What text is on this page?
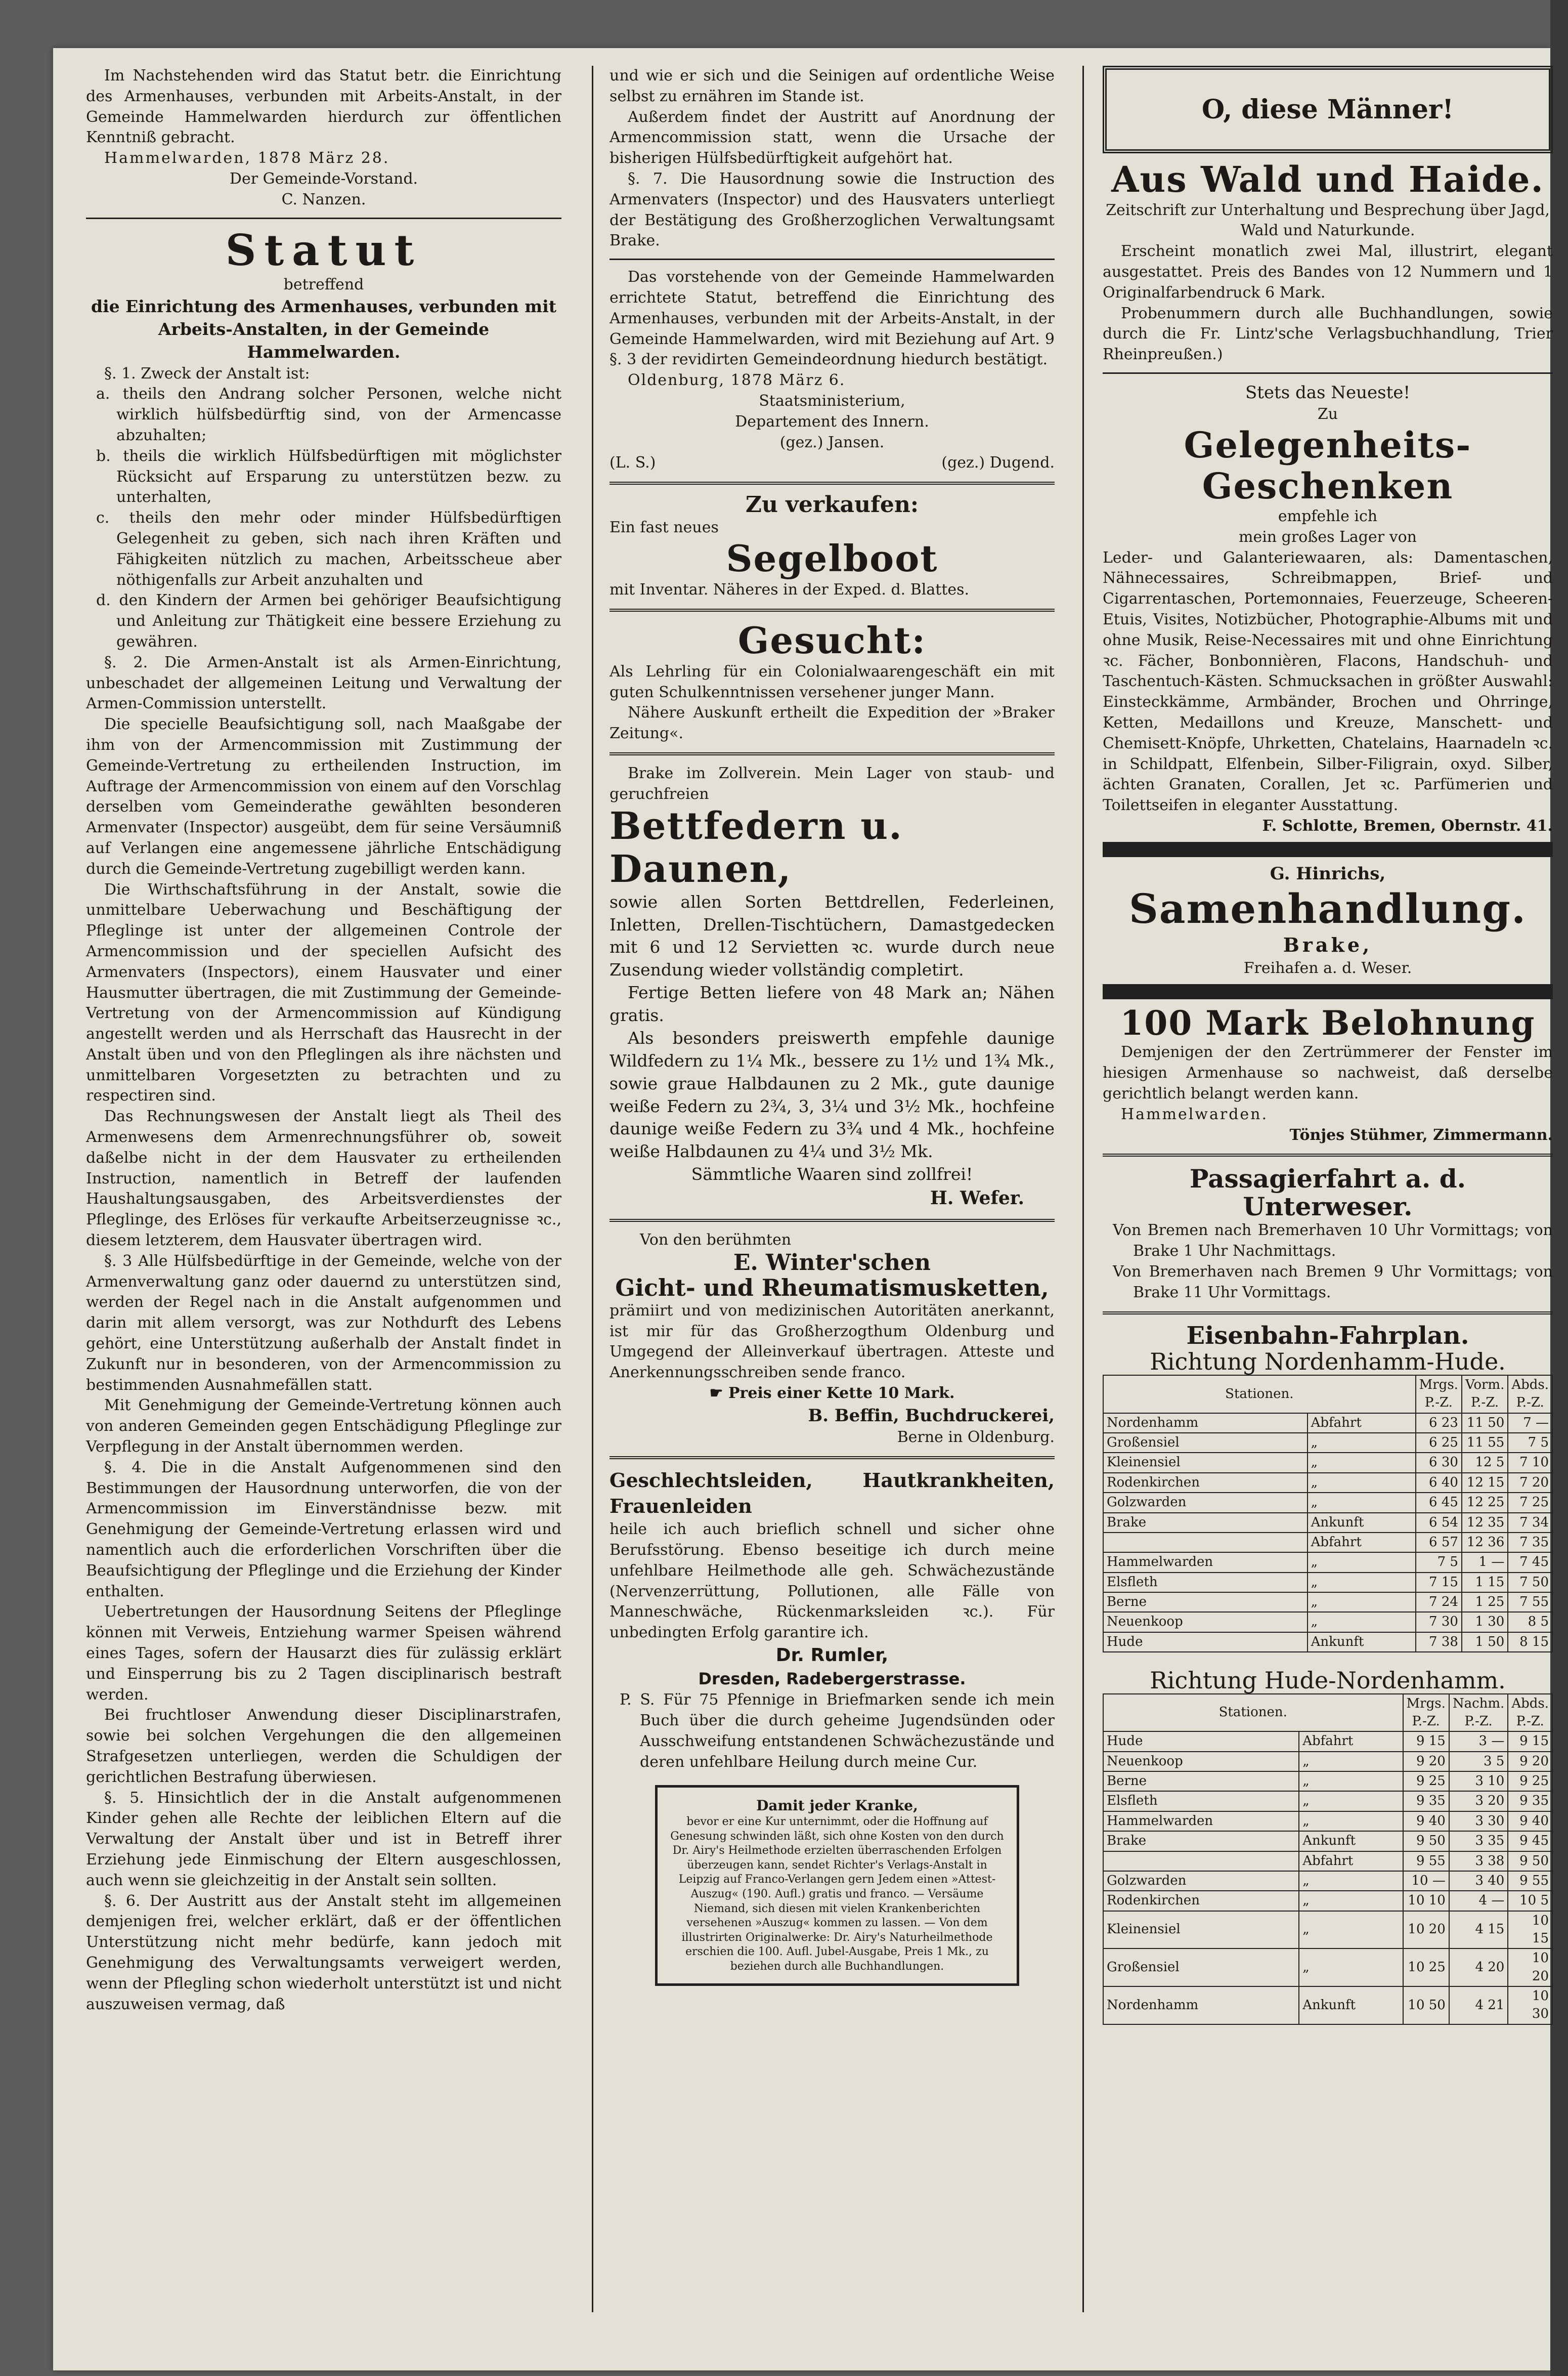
Im Nachstehenden wird das Statut betr. die Einrichtung des Armenhauses, verbunden mit Arbeits-Anstalt, in der Gemeinde Hammelwarden hierdurch zur öffentlichen Kenntniß gebracht.

Hammelwarden, 1878 März 28.

Der Gemeinde-Vorstand.

C. Nanzen.

Statut

betreffend

die Einrichtung des Armenhauses, verbunden mit Arbeits-Anstalten, in der Gemeinde Hammelwarden.

§. 1. Zweck der Anstalt ist:

a. theils den Andrang solcher Personen, welche nicht wirklich hülfsbedürftig sind, von der Armencasse abzuhalten;

b. theils die wirklich Hülfsbedürftigen mit möglichster Rücksicht auf Ersparung zu unterstützen bezw. zu unterhalten,

c. theils den mehr oder minder Hülfsbedürftigen Gelegenheit zu geben, sich nach ihren Kräften und Fähigkeiten nützlich zu machen, Arbeitsscheue aber nöthigenfalls zur Arbeit anzuhalten und

d. den Kindern der Armen bei gehöriger Beaufsichtigung und Anleitung zur Thätigkeit eine bessere Erziehung zu gewähren.

§. 2. Die Armen-Anstalt ist als Armen-Einrichtung, unbeschadet der allgemeinen Leitung und Verwaltung der Armen-Commission unterstellt.

Die specielle Beaufsichtigung soll, nach Maaßgabe der ihm von der Armencommission mit Zustimmung der Gemeinde-Vertretung zu ertheilenden Instruction, im Auftrage der Armencommission von einem auf den Vorschlag derselben vom Gemeinderathe gewählten besonderen Armenvater (Inspector) ausgeübt, dem für seine Versäumniß auf Verlangen eine angemessene jährliche Entschädigung durch die Gemeinde-Vertretung zugebilligt werden kann.

Die Wirthschaftsführung in der Anstalt, sowie die unmittelbare Ueberwachung und Beschäftigung der Pfleglinge ist unter der allgemeinen Controle der Armencommission und der speciellen Aufsicht des Armenvaters (Inspectors), einem Hausvater und einer Hausmutter übertragen, die mit Zustimmung der Gemeinde-Vertretung von der Armencommission auf Kündigung angestellt werden und als Herrschaft das Hausrecht in der Anstalt üben und von den Pfleglingen als ihre nächsten und unmittelbaren Vorgesetzten zu betrachten und zu respectiren sind.

Das Rechnungswesen der Anstalt liegt als Theil des Armenwesens dem Armenrechnungsführer ob, soweit daßelbe nicht in der dem Hausvater zu ertheilenden Instruction, namentlich in Betreff der laufenden Haushaltungsausgaben, des Arbeitsverdienstes der Pfleglinge, des Erlöses für verkaufte Arbeitserzeugnisse ꝛc., diesem letzterem, dem Hausvater übertragen wird.

§. 3 Alle Hülfsbedürftige in der Gemeinde, welche von der Armenverwaltung ganz oder dauernd zu unterstützen sind, werden der Regel nach in die Anstalt aufgenommen und darin mit allem versorgt, was zur Nothdurft des Lebens gehört, eine Unterstützung außerhalb der Anstalt findet in Zukunft nur in besonderen, von der Armencommission zu bestimmenden Ausnahmefällen statt.

Mit Genehmigung der Gemeinde-Vertretung können auch von anderen Gemeinden gegen Entschädigung Pfleglinge zur Verpflegung in der Anstalt übernommen werden.

§. 4. Die in die Anstalt Aufgenommenen sind den Bestimmungen der Hausordnung unterworfen, die von der Armencommission im Einverständnisse bezw. mit Genehmigung der Gemeinde-Vertretung erlassen wird und namentlich auch die erforderlichen Vorschriften über die Beaufsichtigung der Pfleglinge und die Erziehung der Kinder enthalten.

Uebertretungen der Hausordnung Seitens der Pfleglinge können mit Verweis, Entziehung warmer Speisen während eines Tages, sofern der Hausarzt dies für zulässig erklärt und Einsperrung bis zu 2 Tagen disciplinarisch bestraft werden.

Bei fruchtloser Anwendung dieser Disciplinarstrafen, sowie bei solchen Vergehungen die den allgemeinen Strafgesetzen unterliegen, werden die Schuldigen der gerichtlichen Bestrafung überwiesen.

§. 5. Hinsichtlich der in die Anstalt aufgenommenen Kinder gehen alle Rechte der leiblichen Eltern auf die Verwaltung der Anstalt über und ist in Betreff ihrer Erziehung jede Einmischung der Eltern ausgeschlossen, auch wenn sie gleichzeitig in der Anstalt sein sollten.

§. 6. Der Austritt aus der Anstalt steht im allgemeinen demjenigen frei, welcher erklärt, daß er der öffentlichen Unterstützung nicht mehr bedürfe, kann jedoch mit Genehmigung des Verwaltungsamts verweigert werden, wenn der Pflegling schon wiederholt unterstützt ist und nicht auszuweisen vermag, daß

und wie er sich und die Seinigen auf ordentliche Weise selbst zu ernähren im Stande ist.

Außerdem findet der Austritt auf Anordnung der Armencommission statt, wenn die Ursache der bisherigen Hülfsbedürftigkeit aufgehört hat.

§. 7. Die Hausordnung sowie die Instruction des Armenvaters (Inspector) und des Hausvaters unterliegt der Bestätigung des Großherzoglichen Verwaltungsamt Brake.

Das vorstehende von der Gemeinde Hammelwarden errichtete Statut, betreffend die Einrichtung des Armenhauses, verbunden mit der Arbeits-Anstalt, in der Gemeinde Hammelwarden, wird mit Beziehung auf Art. 9 §. 3 der revidirten Gemeindeordnung hiedurch bestätigt.

Oldenburg, 1878 März 6.

Staatsministerium,

Departement des Innern.

(gez.) Jansen.

(L. S.)	(gez.) Dugend.

Zu verkaufen:

Ein fast neues

Segelboot

mit Inventar. Näheres in der Exped. d. Blattes.

Gesucht:

Als Lehrling für ein Colonialwaarengeschäft ein mit guten Schulkenntnissen versehener junger Mann.

Nähere Auskunft ertheilt die Expedition der »Braker Zeitung«.

Brake im Zollverein. Mein Lager von staub- und geruchfreien

Bettfedern u. Daunen,

sowie allen Sorten Bettdrellen, Federleinen, Inletten, Drellen-Tischtüchern, Damastgedecken mit 6 und 12 Servietten ꝛc. wurde durch neue Zusendung wieder vollständig completirt.

Fertige Betten liefere von 48 Mark an; Nähen gratis.

Als besonders preiswerth empfehle daunige Wildfedern zu 1¼ Mk., bessere zu 1½ und 1¾ Mk., sowie graue Halbdaunen zu 2 Mk., gute daunige weiße Federn zu 2¾, 3, 3¼ und 3½ Mk., hochfeine daunige weiße Federn zu 3¾ und 4 Mk., hochfeine weiße Halbdaunen zu 4¼ und 3½ Mk.

Sämmtliche Waaren sind zollfrei!

H. Wefer.

Von den berühmten

E. Winter'schen
Gicht- und Rheumatismusketten,

prämiirt und von medizinischen Autoritäten anerkannt, ist mir für das Großherzogthum Oldenburg und Umgegend der Alleinverkauf übertragen. Atteste und Anerkennungsschreiben sende franco.

☛ Preis einer Kette 10 Mark.

B. Beffin, Buchdruckerei,

Berne in Oldenburg.

Geschlechtsleiden, Hautkrankheiten, Frauenleiden

heile ich auch brieflich schnell und sicher ohne Berufsstörung. Ebenso beseitige ich durch meine unfehlbare Heilmethode alle geh. Schwächezustände (Nervenzerrüttung, Pollutionen, alle Fälle von Manneschwäche, Rückenmarksleiden ꝛc.). Für unbedingten Erfolg garantire ich.

Dr. Rumler,

Dresden, Radebergerstrasse.

P. S. Für 75 Pfennige in Briefmarken sende ich mein Buch über die durch geheime Jugendsünden oder Ausschweifung entstandenen Schwächezustände und deren unfehlbare Heilung durch meine Cur.

Damit jeder Kranke,

bevor er eine Kur unternimmt, oder die Hoffnung auf Genesung schwinden läßt, sich ohne Kosten von den durch Dr. Airy's Heilmethode erzielten überraschenden Erfolgen überzeugen kann, sendet Richter's Verlags-Anstalt in Leipzig auf Franco-Verlangen gern Jedem einen »Attest-Auszug« (190. Aufl.) gratis und franco. — Versäume Niemand, sich diesen mit vielen Krankenberichten versehenen »Auszug« kommen zu lassen. — Von dem illustrirten Originalwerke: Dr. Airy's Naturheilmethode erschien die 100. Aufl. Jubel-Ausgabe, Preis 1 Mk., zu beziehen durch alle Buchhandlungen.

O, diese Männer!
Aus Wald und Haide.

Zeitschrift zur Unterhaltung und Besprechung über Jagd, Wald und Naturkunde.

Erscheint monatlich zwei Mal, illustrirt, elegant ausgestattet. Preis des Bandes von 12 Nummern und 1 Originalfarbendruck 6 Mark.

Probenummern durch alle Buchhandlungen, sowie durch die Fr. Lintz'sche Verlagsbuchhandlung, Trier Rheinpreußen.)

Stets das Neueste!

Zu

Gelegenheits-Geschenken

empfehle ich

mein großes Lager von

Leder- und Galanteriewaaren, als: Damentaschen, Nähnecessaires, Schreibmappen, Brief- und Cigarrentaschen, Portemonnaies, Feuerzeuge, Scheeren-Etuis, Visites, Notizbücher, Photographie-Albums mit und ohne Musik, Reise-Necessaires mit und ohne Einrichtung ꝛc. Fächer, Bonbonnièren, Flacons, Handschuh- und Taschentuch-Kästen. Schmucksachen in größter Auswahl: Einsteckkämme, Armbänder, Brochen und Ohrringe, Ketten, Medaillons und Kreuze, Manschett- und Chemisett-Knöpfe, Uhrketten, Chatelains, Haarnadeln ꝛc. in Schildpatt, Elfenbein, Silber-Filigrain, oxyd. Silber, ächten Granaten, Corallen, Jet ꝛc. Parfümerien und Toilettseifen in eleganter Ausstattung.

F. Schlotte, Bremen, Obernstr. 41.

G. Hinrichs,

Samenhandlung.

Brake,

Freihafen a. d. Weser.

100 Mark Belohnung

Demjenigen der den Zertrümmerer der Fenster im hiesigen Armenhause so nachweist, daß derselbe gerichtlich belangt werden kann.

Hammelwarden.

Tönjes Stühmer, Zimmermann.

Passagierfahrt a. d. Unterweser.

Von Bremen nach Bremerhaven 10 Uhr Vormittags; von Brake 1 Uhr Nachmittags.

Von Bremerhaven nach Bremen 9 Uhr Vormittags; von Brake 11 Uhr Vormittags.

Eisenbahn-Fahrplan.
Richtung Nordenhamm-Hude.
Stationen.		Mrgs. P.-Z.	Vorm. P.-Z.	Abds. P.-Z.
Nordenhamm	Abfahrt	6 23	11 50	7 —
Großensiel	„	6 25	11 55	7 5
Kleinensiel	„	6 30	12 5	7 10
Rodenkirchen	„	6 40	12 15	7 20
Golzwarden	„	6 45	12 25	7 25
Brake	Ankunft	6 54	12 35	7 34
	Abfahrt	6 57	12 36	7 35
Hammelwarden	„	7 5	1 —	7 45
Elsfleth	„	7 15	1 15	7 50
Berne	„	7 24	1 25	7 55
Neuenkoop	„	7 30	1 30	8 5
Hude	Ankunft	7 38	1 50	8 15
Richtung Hude-Nordenhamm.
Stationen.		Mrgs. P.-Z.	Nachm. P.-Z.	Abds. P.-Z.
Hude	Abfahrt	9 15	3 —	9 15
Neuenkoop	„	9 20	3 5	9 20
Berne	„	9 25	3 10	9 25
Elsfleth	„	9 35	3 20	9 35
Hammelwarden	„	9 40	3 30	9 40
Brake	Ankunft	9 50	3 35	9 45
	Abfahrt	9 55	3 38	9 50
Golzwarden	„	10 —	3 40	9 55
Rodenkirchen	„	10 10	4 —	10 5
Kleinensiel	„	10 20	4 15	10 15
Großensiel	„	10 25	4 20	10 20
Nordenhamm	Ankunft	10 50	4 21	10 30
